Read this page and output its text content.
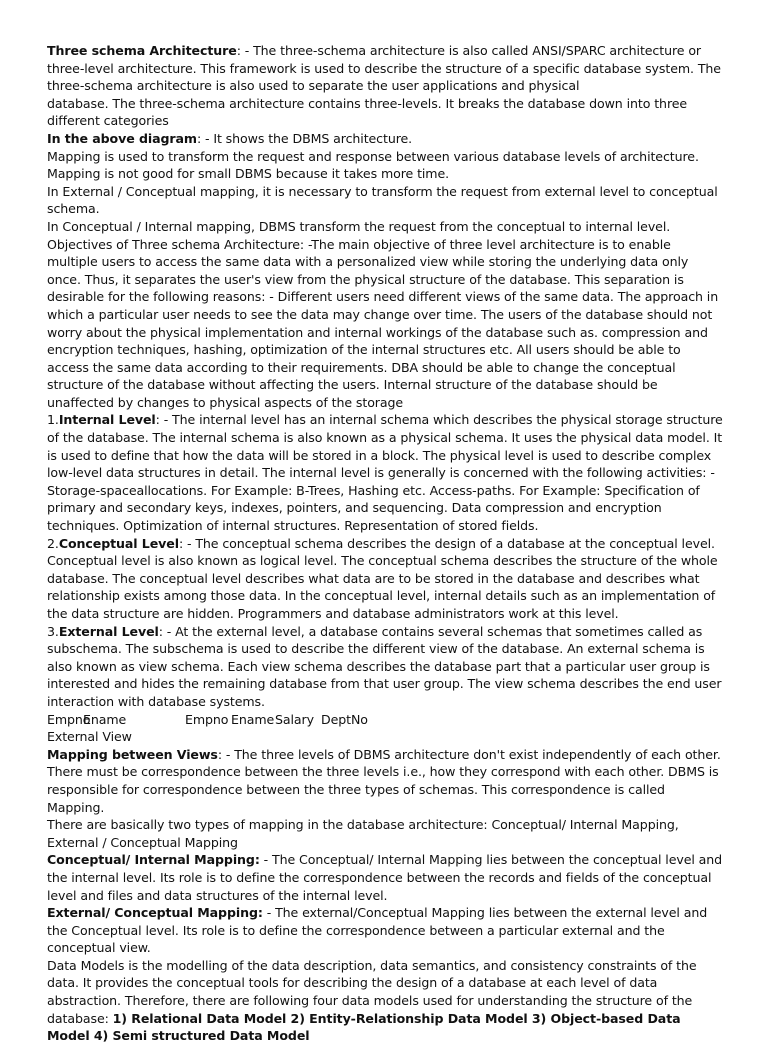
Three schema Architecture: - The three-schema architecture is also called ANSI/SPARC architecture or three-level architecture. This framework is used to describe the structure of a specific database system. The three-schema architecture is also used to separate the user applications and physical

database. The three-schema architecture contains three-levels. It breaks the database down into three different categories

In the above diagram: - It shows the DBMS architecture.

Mapping is used to transform the request and response between various database levels of architecture.

Mapping is not good for small DBMS because it takes more time.

In External / Conceptual mapping, it is necessary to transform the request from external level to conceptual schema.

In Conceptual / Internal mapping, DBMS transform the request from the conceptual to internal level.

Objectives of Three schema Architecture: -The main objective of three level architecture is to enable multiple users to access the same data with a personalized view while storing the underlying data only once. Thus, it separates the user's view from the physical structure of the database. This separation is desirable for the following reasons: - Different users need different views of the same data. The approach in which a particular user needs to see the data may change over time. The users of the database should not worry about the physical implementation and internal workings of the database such as. compression and encryption techniques, hashing, optimization of the internal structures etc. All users should be able to access the same data according to their requirements. DBA should be able to change the conceptual structure of the database without affecting the users. Internal structure of the database should be unaffected by changes to physical aspects of the storage

1.Internal Level: - The internal level has an internal schema which describes the physical storage structure of the database. The internal schema is also known as a physical schema. It uses the physical data model. It is used to define that how the data will be stored in a block. The physical level is used to describe complex low-level data structures in detail. The internal level is generally is concerned with the following activities: - Storage-spaceallocations. For Example: B-Trees, Hashing etc. Access-paths. For Example: Specification of primary and secondary keys, indexes, pointers, and sequencing. Data compression and encryption techniques. Optimization of internal structures. Representation of stored fields.

2.Conceptual Level: - The conceptual schema describes the design of a database at the conceptual level. Conceptual level is also known as logical level. The conceptual schema describes the structure of the whole database. The conceptual level describes what data are to be stored in the database and describes what relationship exists among those data. In the conceptual level, internal details such as an implementation of the data structure are hidden. Programmers and database administrators work at this level.

3.External Level: - At the external level, a database contains several schemas that sometimes called as subschema. The subschema is used to describe the different view of the database. An external schema is also known as view schema. Each view schema describes the database part that a particular user group is interested and hides the remaining database from that user group. The view schema describes the end user interaction with database systems.

EmpnoEname	Empno EnameSalary DeptNo

External View

Mapping between Views: - The three levels of DBMS architecture don't exist independently of each other. There must be correspondence between the three levels i.e., how they correspond with each other. DBMS is responsible for correspondence between the three types of schemas. This correspondence is called Mapping.

There are basically two types of mapping in the database architecture: Conceptual/ Internal Mapping, External / Conceptual Mapping

Conceptual/ Internal Mapping: - The Conceptual/ Internal Mapping lies between the conceptual level and the internal level. Its role is to define the correspondence between the records and fields of the conceptual level and files and data structures of the internal level.

External/ Conceptual Mapping: - The external/Conceptual Mapping lies between the external level and the Conceptual level. Its role is to define the correspondence between a particular external and the conceptual view.

Data Models is the modelling of the data description, data semantics, and consistency constraints of the data. It provides the conceptual tools for describing the design of a database at each level of data abstraction. Therefore, there are following four data models used for understanding the structure of the database: 1) Relational Data Model 2) Entity-Relationship Data Model 3) Object-based Data Model 4) Semi structured Data Model
